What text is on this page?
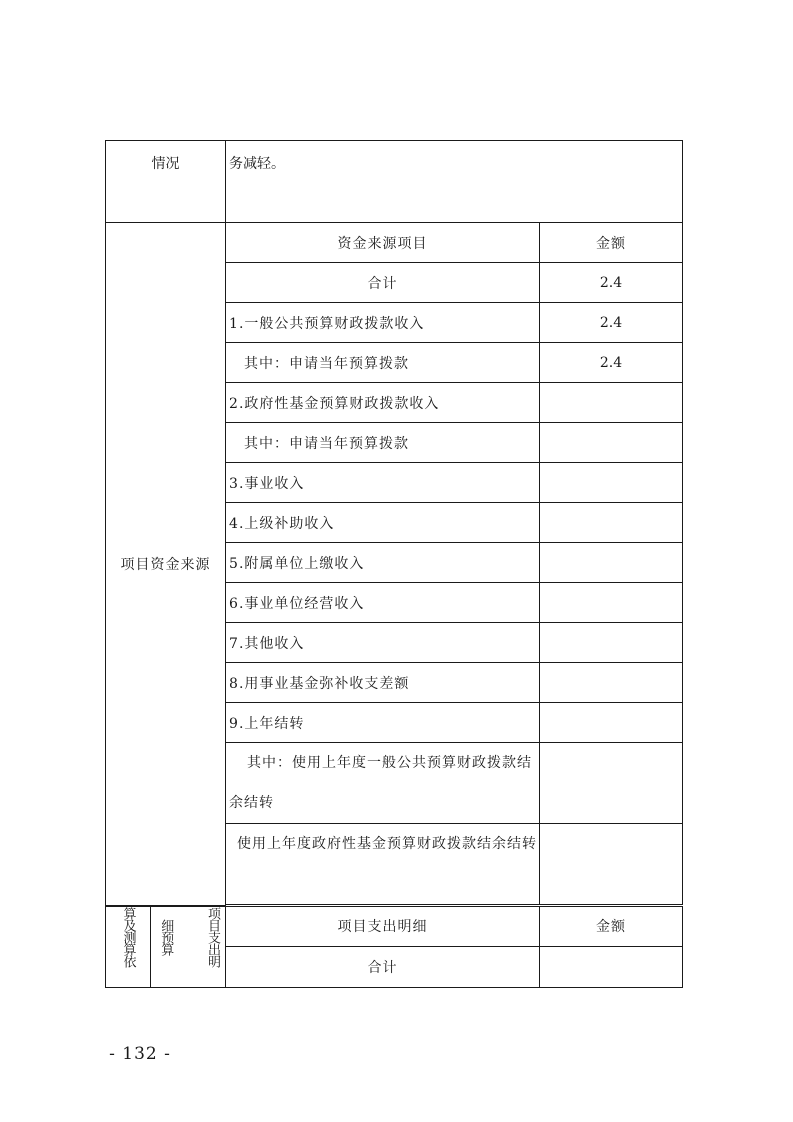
情况			务减轻。	
项目资金来源			资金来源项目	金额
			合计	2.4
			1.一般公共预算财政拨款收入	2.4
			其中：申请当年预算拨款	2.4
			2.政府性基金预算财政拨款收入	
			其中：申请当年预算拨款	
			3.事业收入	
			4.上级补助收入	
			5.附属单位上缴收入	
			6.事业单位经营收入	
			7.其他收入	
			8.用事业基金弥补收支差额	
			9.上年结转	

			其中：使用上年度一般公共预算财政拨款结余结转	

			使用上年度政府性基金预算财政拨款结余结转	

算及测算依	细预算	项目支出明	项目支出明细	金额
			合计	
- 132 -
